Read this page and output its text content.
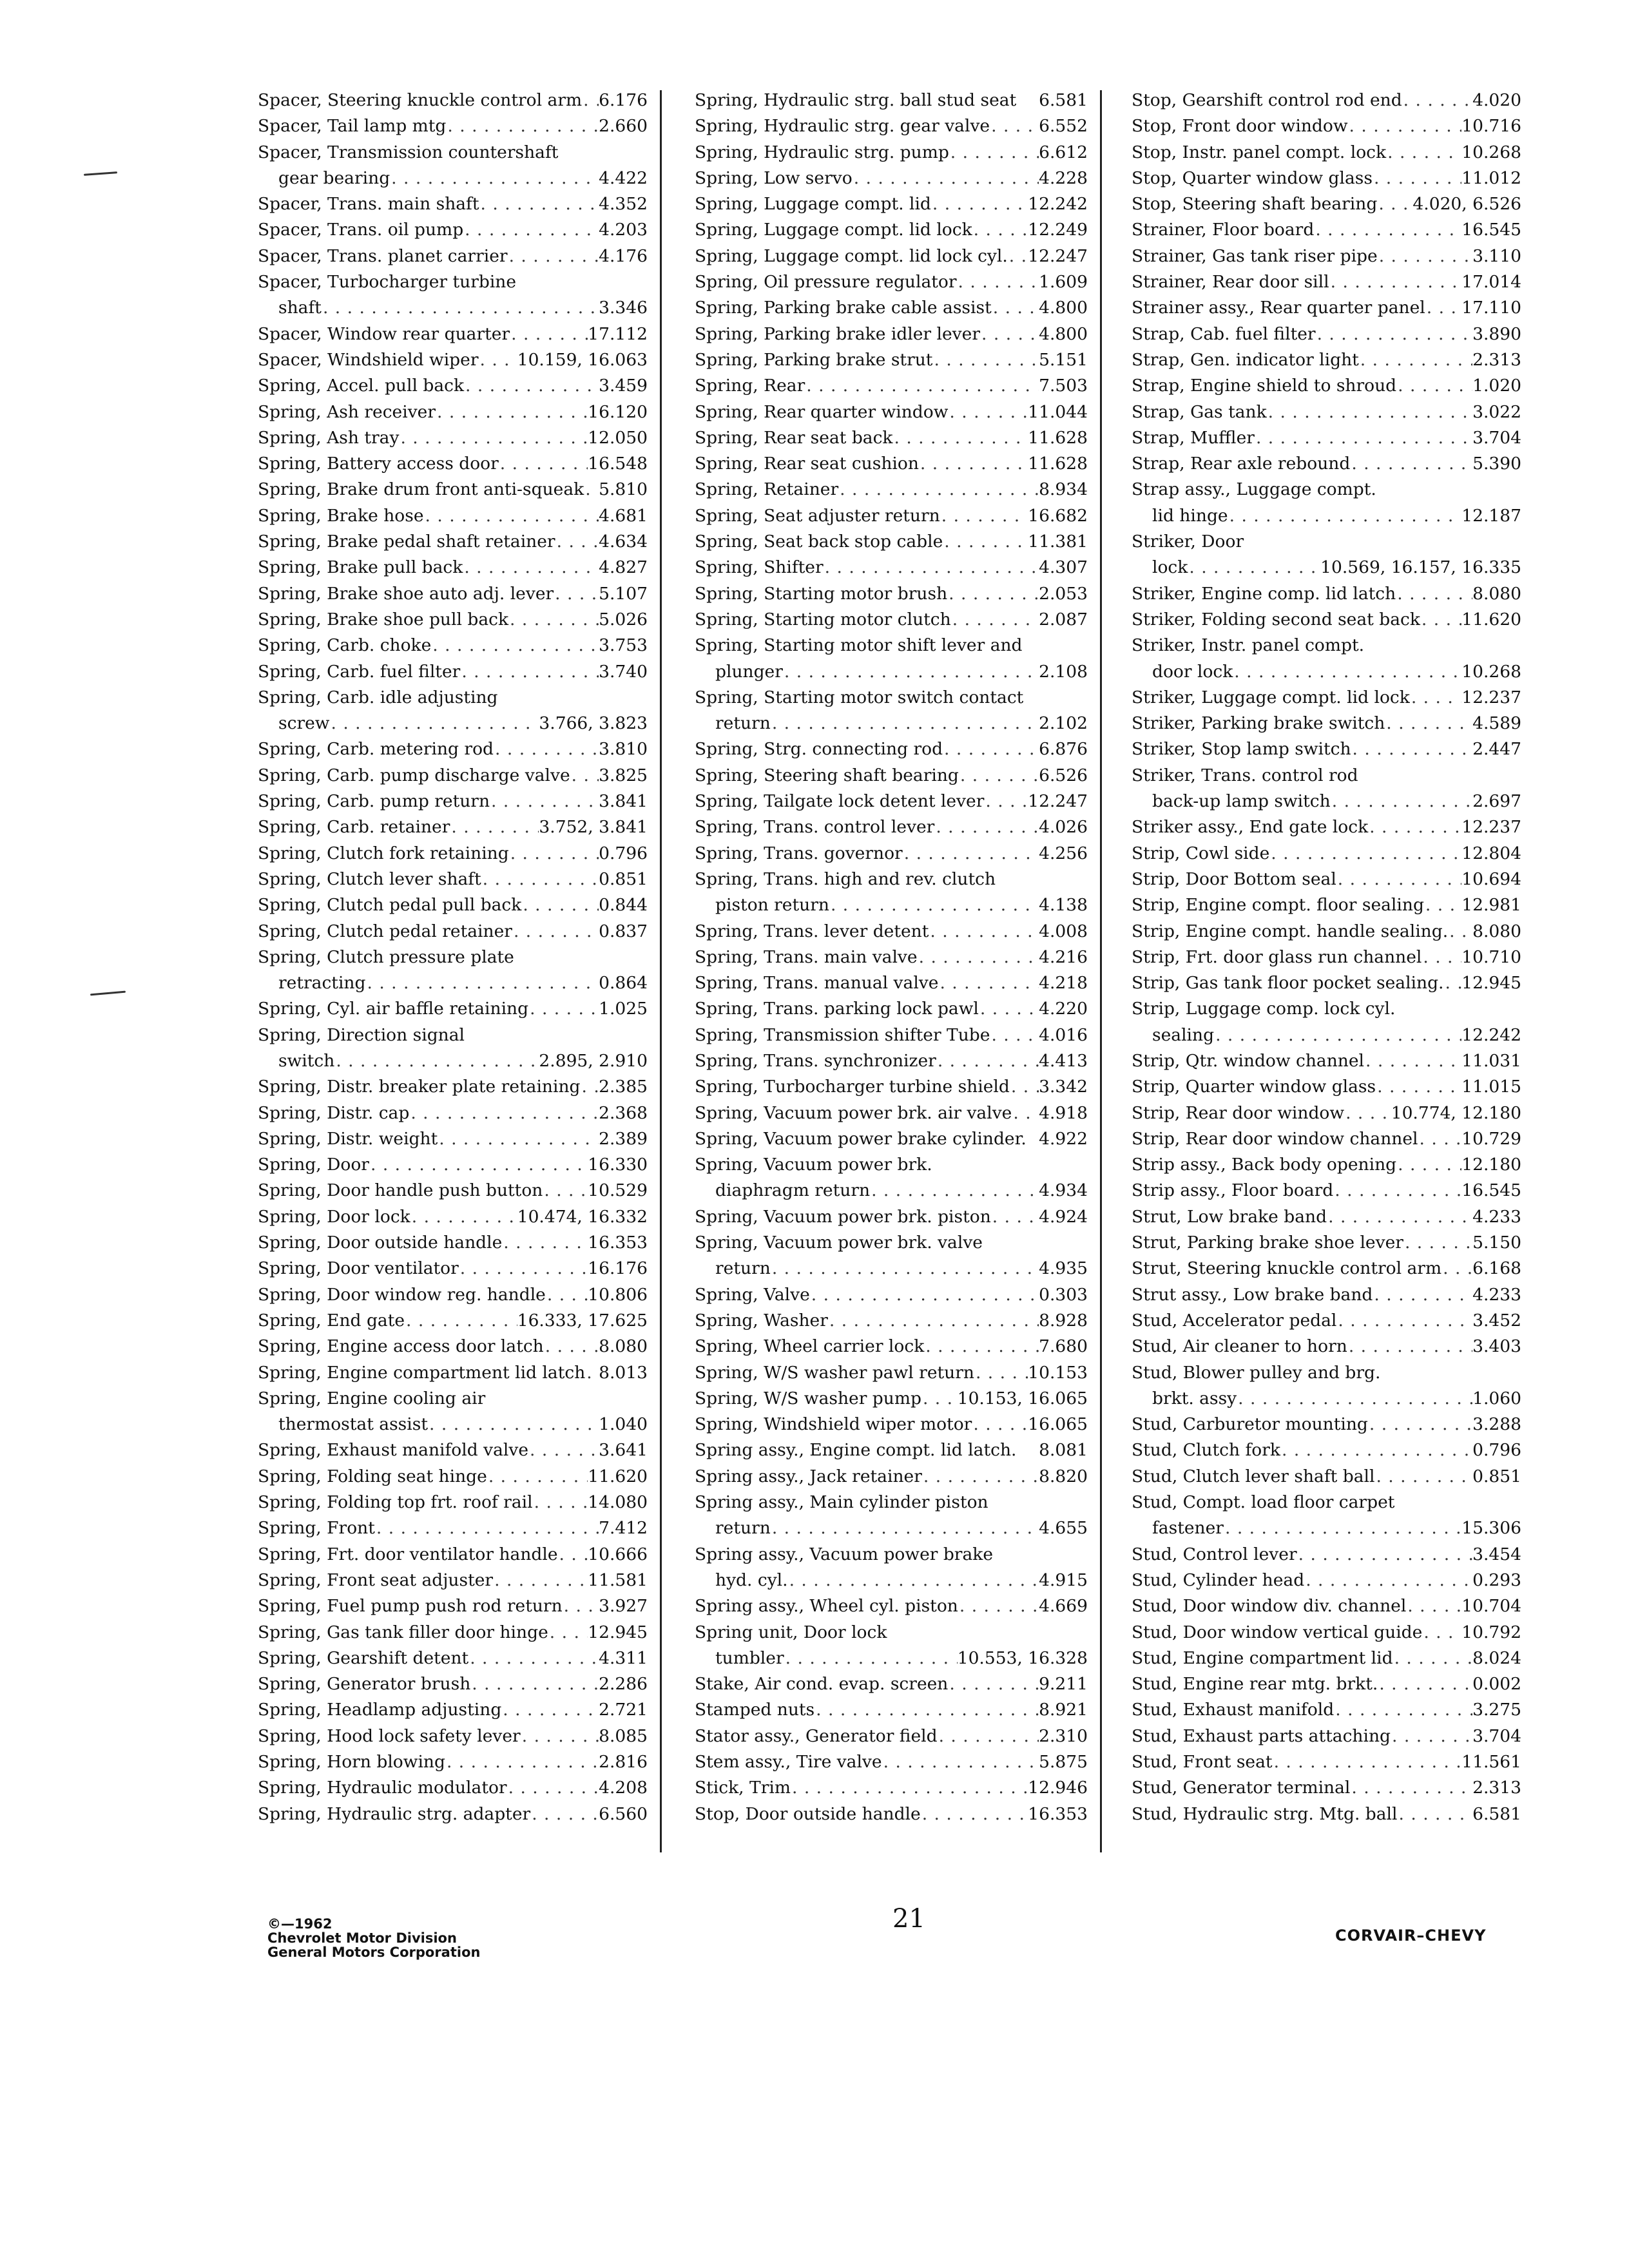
Spacer, Steering knuckle control arm . . . 6.176
Spacer, Tail lamp mtg . . .	2.660
Spacer, Transmission countershaft
gear bearing . . .	4.422
Spacer, Trans. main shaft . . .	4.352
Spacer, Trans. oil pump . . .	4.203
Spacer, Trans. planet carrier . . .	4.176
Spacer, Turbocharger turbine
shaft . . .	3.346
Spacer, Window rear quarter . . .	17.112
Spacer, Windshield wiper . . . 10.159, 16.063
Spring, Accel. pull back . . .	3.459
Spring, Ash receiver . . .	16.120
Spring, Ash tray . . .	12.050
Spring, Battery access door . . .	16.548
Spring, Brake drum front anti-squeak . . . 5.810
Spring, Brake hose . . .	4.681
Spring, Brake pedal shaft retainer . . .	4.634
Spring, Brake pull back . . .	4.827
Spring, Brake shoe auto adj. lever . . .	5.107
Spring, Brake shoe pull back . . .	5.026
Spring, Carb. choke . . .	3.753
Spring, Carb. fuel filter . . .	3.740
Spring, Carb. idle adjusting
screw . . .	3.766, 3.823
Spring, Carb. metering rod . . .	3.810
Spring, Carb. pump discharge valve . . . 3.825
Spring, Carb. pump return . . .	3.841
Spring, Carb. retainer . . .	3.752, 3.841
Spring, Clutch fork retaining . . .	0.796
Spring, Clutch lever shaft . . .	0.851
Spring, Clutch pedal pull back . . .	0.844
Spring, Clutch pedal retainer . . .	0.837
Spring, Clutch pressure plate
retracting . . .	0.864
Spring, Cyl. air baffle retaining . . .	1.025
Spring, Direction signal
switch . . .	2.895, 2.910
Spring, Distr. breaker plate retaining . . . 2.385
Spring, Distr. cap . . .	2.368
Spring, Distr. weight . . .	2.389
Spring, Door . . .	16.330
Spring, Door handle push button . . .	10.529
Spring, Door lock . . .	10.474, 16.332
Spring, Door outside handle . . .	16.353
Spring, Door ventilator . . .	16.176
Spring, Door window reg. handle . . . 10.806
Spring, End gate . . .	16.333, 17.625
Spring, Engine access door latch . . .	8.080
Spring, Engine compartment lid latch . . . 8.013
Spring, Engine cooling air
thermostat assist . . .	1.040
Spring, Exhaust manifold valve . . .	3.641
Spring, Folding seat hinge . . .	11.620
Spring, Folding top frt. roof rail . . .	14.080
Spring, Front . . .	7.412
Spring, Frt. door ventilator handle . . . 10.666
Spring, Front seat adjuster . . .	11.581
Spring, Fuel pump push rod return . . . 3.927
Spring, Gas tank filler door hinge . . . 12.945
Spring, Gearshift detent . . .	4.311
Spring, Generator brush . . .	2.286
Spring, Headlamp adjusting . . .	2.721
Spring, Hood lock safety lever . . .	8.085
Spring, Horn blowing . . .	2.816
Spring, Hydraulic modulator . . .	4.208
Spring, Hydraulic strg. adapter . . .	6.560
Spring, Hydraulic strg. ball stud seat 6.581
Spring, Hydraulic strg. gear valve . . .	6.552
Spring, Hydraulic strg. pump . . .	6.612
Spring, Low servo . . .	4.228
Spring, Luggage compt. lid . . .	12.242
Spring, Luggage compt. lid lock . . .	12.249
Spring, Luggage compt. lid lock cyl. . . . 12.247
Spring, Oil pressure regulator . . .	1.609
Spring, Parking brake cable assist . . .	4.800
Spring, Parking brake idler lever . . .	4.800
Spring, Parking brake strut . . .	5.151
Spring, Rear . . .	7.503
Spring, Rear quarter window . . .	11.044
Spring, Rear seat back . . .	11.628
Spring, Rear seat cushion . . .	11.628
Spring, Retainer . . .	8.934
Spring, Seat adjuster return . . .	16.682
Spring, Seat back stop cable . . .	11.381
Spring, Shifter . . .	4.307
Spring, Starting motor brush . . .	2.053
Spring, Starting motor clutch . . .	2.087
Spring, Starting motor shift lever and
plunger . . .	2.108
Spring, Starting motor switch contact
return . . .	2.102
Spring, Strg. connecting rod . . .	6.876
Spring, Steering shaft bearing . . .	6.526
Spring, Tailgate lock detent lever . . .	12.247
Spring, Trans. control lever . . .	4.026
Spring, Trans. governor . . .	4.256
Spring, Trans. high and rev. clutch
piston return . . .	4.138
Spring, Trans. lever detent . . .	4.008
Spring, Trans. main valve . . .	4.216
Spring, Trans. manual valve . . .	4.218
Spring, Trans. parking lock pawl . . .	4.220
Spring, Transmission shifter Tube . . .	4.016
Spring, Trans. synchronizer . . .	4.413
Spring, Turbocharger turbine shield . . . 3.342
Spring, Vacuum power brk. air valve . . . 4.918
Spring, Vacuum power brake cylinder. 4.922
Spring, Vacuum power brk.
diaphragm return . . .	4.934
Spring, Vacuum power brk. piston . . .	4.924
Spring, Vacuum power brk. valve
return . . .	4.935
Spring, Valve . . .	0.303
Spring, Washer . . .	8.928
Spring, Wheel carrier lock . . .	7.680
Spring, W/S washer pawl return . . .	10.153
Spring, W/S washer pump . . . 10.153, 16.065
Spring, Windshield wiper motor . . .	16.065
Spring assy., Engine compt. lid latch. 8.081
Spring assy., Jack retainer . . .	8.820
Spring assy., Main cylinder piston
return . . .	4.655
Spring assy., Vacuum power brake
hyd. cyl. . . .	4.915
Spring assy., Wheel cyl. piston . . .	4.669
Spring unit, Door lock
tumbler . . .	10.553, 16.328
Stake, Air cond. evap. screen . . .	9.211
Stamped nuts . . .	8.921
Stator assy., Generator field . . .	2.310
Stem assy., Tire valve . . .	5.875
Stick, Trim . . .	12.946
Stop, Door outside handle . . .	16.353
Stop, Gearshift control rod end . . .	4.020
Stop, Front door window . . .	10.716
Stop, Instr. panel compt. lock . . .	10.268
Stop, Quarter window glass . . .	11.012
Stop, Steering shaft bearing . . . 4.020, 6.526
Strainer, Floor board . . .	16.545
Strainer, Gas tank riser pipe . . .	3.110
Strainer, Rear door sill . . .	17.014
Strainer assy., Rear quarter panel . . . 17.110
Strap, Cab. fuel filter . . .	3.890
Strap, Gen. indicator light . . .	2.313
Strap, Engine shield to shroud . . .	1.020
Strap, Gas tank . . .	3.022
Strap, Muffler . . .	3.704
Strap, Rear axle rebound . . .	5.390
Strap assy., Luggage compt.
lid hinge . . .	12.187
Striker, Door
lock . . .	10.569, 16.157, 16.335
Striker, Engine comp. lid latch . . .	8.080
Striker, Folding second seat back . . . 11.620
Striker, Instr. panel compt.
door lock . . .	10.268
Striker, Luggage compt. lid lock . . .	12.237
Striker, Parking brake switch . . .	4.589
Striker, Stop lamp switch . . .	2.447
Striker, Trans. control rod
back-up lamp switch . . .	2.697
Striker assy., End gate lock . . .	12.237
Strip, Cowl side . . .	12.804
Strip, Door Bottom seal . . .	10.694
Strip, Engine compt. floor sealing . . . 12.981
Strip, Engine compt. handle sealing. . . . 8.080
Strip, Frt. door glass run channel . . . 10.710
Strip, Gas tank floor pocket sealing. . . . 12.945
Strip, Luggage comp. lock cyl.
sealing . . .	12.242
Strip, Qtr. window channel . . .	11.031
Strip, Quarter window glass . . .	11.015
Strip, Rear door window . . .	10.774, 12.180
Strip, Rear door window channel . . .	10.729
Strip assy., Back body opening . . .	12.180
Strip assy., Floor board . . .	16.545
Strut, Low brake band . . .	4.233
Strut, Parking brake shoe lever . . .	5.150
Strut, Steering knuckle control arm . . . 6.168
Strut assy., Low brake band . . .	4.233
Stud, Accelerator pedal . . .	3.452
Stud, Air cleaner to horn . . .	3.403
Stud, Blower pulley and brg.
brkt. assy . . .	1.060
Stud, Carburetor mounting . . .	3.288
Stud, Clutch fork . . .	0.796
Stud, Clutch lever shaft ball . . .	0.851
Stud, Compt. load floor carpet
fastener . . .	15.306
Stud, Control lever . . .	3.454
Stud, Cylinder head . . .	0.293
Stud, Door window div. channel . . .	10.704
Stud, Door window vertical guide . . . 10.792
Stud, Engine compartment lid . . .	8.024
Stud, Engine rear mtg. brkt. . . .	0.002
Stud, Exhaust manifold . . .	3.275
Stud, Exhaust parts attaching . . .	3.704
Stud, Front seat . . .	11.561
Stud, Generator terminal . . .	2.313
Stud, Hydraulic strg. Mtg. ball . . .	6.581
©—1962
Chevrolet Motor Division
General Motors Corporation
21
CORVAIR–CHEVY
